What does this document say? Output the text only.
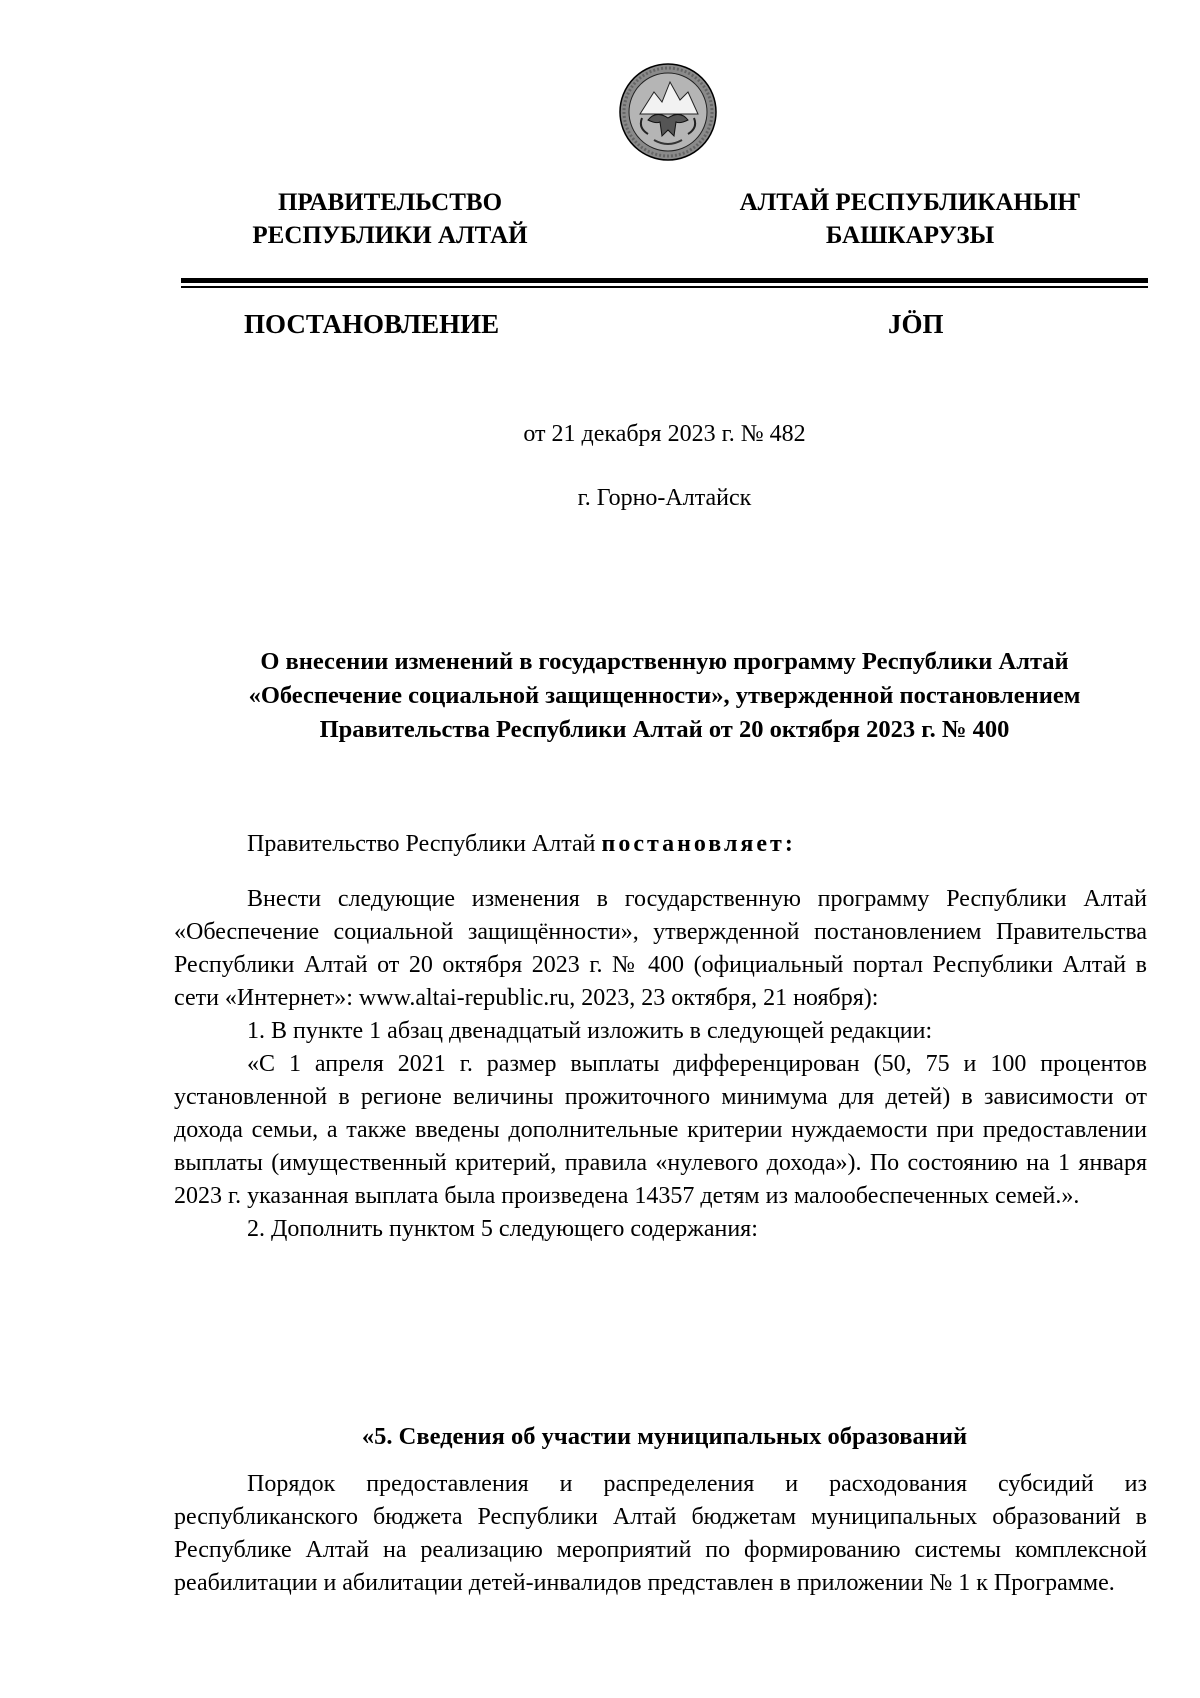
ПРАВИТЕЛЬСТВО
РЕСПУБЛИКИ АЛТАЙ
АЛТАЙ РЕСПУБЛИКАНЫҤ
БАШКАРУЗЫ
ПОСТАНОВЛЕНИЕ	JӦП
от 21 декабря 2023 г. № 482
г. Горно-Алтайск
О внесении изменений в государственную программу Республики Алтай
«Обеспечение социальной защищенности», утвержденной постановлением
Правительства Республики Алтай от 20 октября 2023 г. № 400

Правительство Республики Алтай постановляет:

Внести следующие изменения в государственную программу Республики Алтай «Обеспечение социальной защищённости», утвержденной постановлением Правительства Республики Алтай от 20 октября 2023 г. № 400 (официальный портал Республики Алтай в сети «Интернет»: www.altai-republic.ru, 2023, 23 октября, 21 ноября):

1. В пункте 1 абзац двенадцатый изложить в следующей редакции:

«С 1 апреля 2021 г. размер выплаты дифференцирован (50, 75 и 100 процентов установленной в регионе величины прожиточного минимума для детей) в зависимости от дохода семьи, а также введены дополнительные критерии нуждаемости при предоставлении выплаты (имущественный критерий, правила «нулевого дохода»). По состоянию на 1 января 2023 г. указанная выплата была произведена 14357 детям из малообеспеченных семей.».

2. Дополнить пунктом 5 следующего содержания:

«5. Сведения об участии муниципальных образований

Порядок предоставления и распределения и расходования субсидий из республиканского бюджета Республики Алтай бюджетам муниципальных образований в Республике Алтай на реализацию мероприятий по формированию системы комплексной реабилитации и абилитации детей-инвалидов представлен в приложении № 1 к Программе.
